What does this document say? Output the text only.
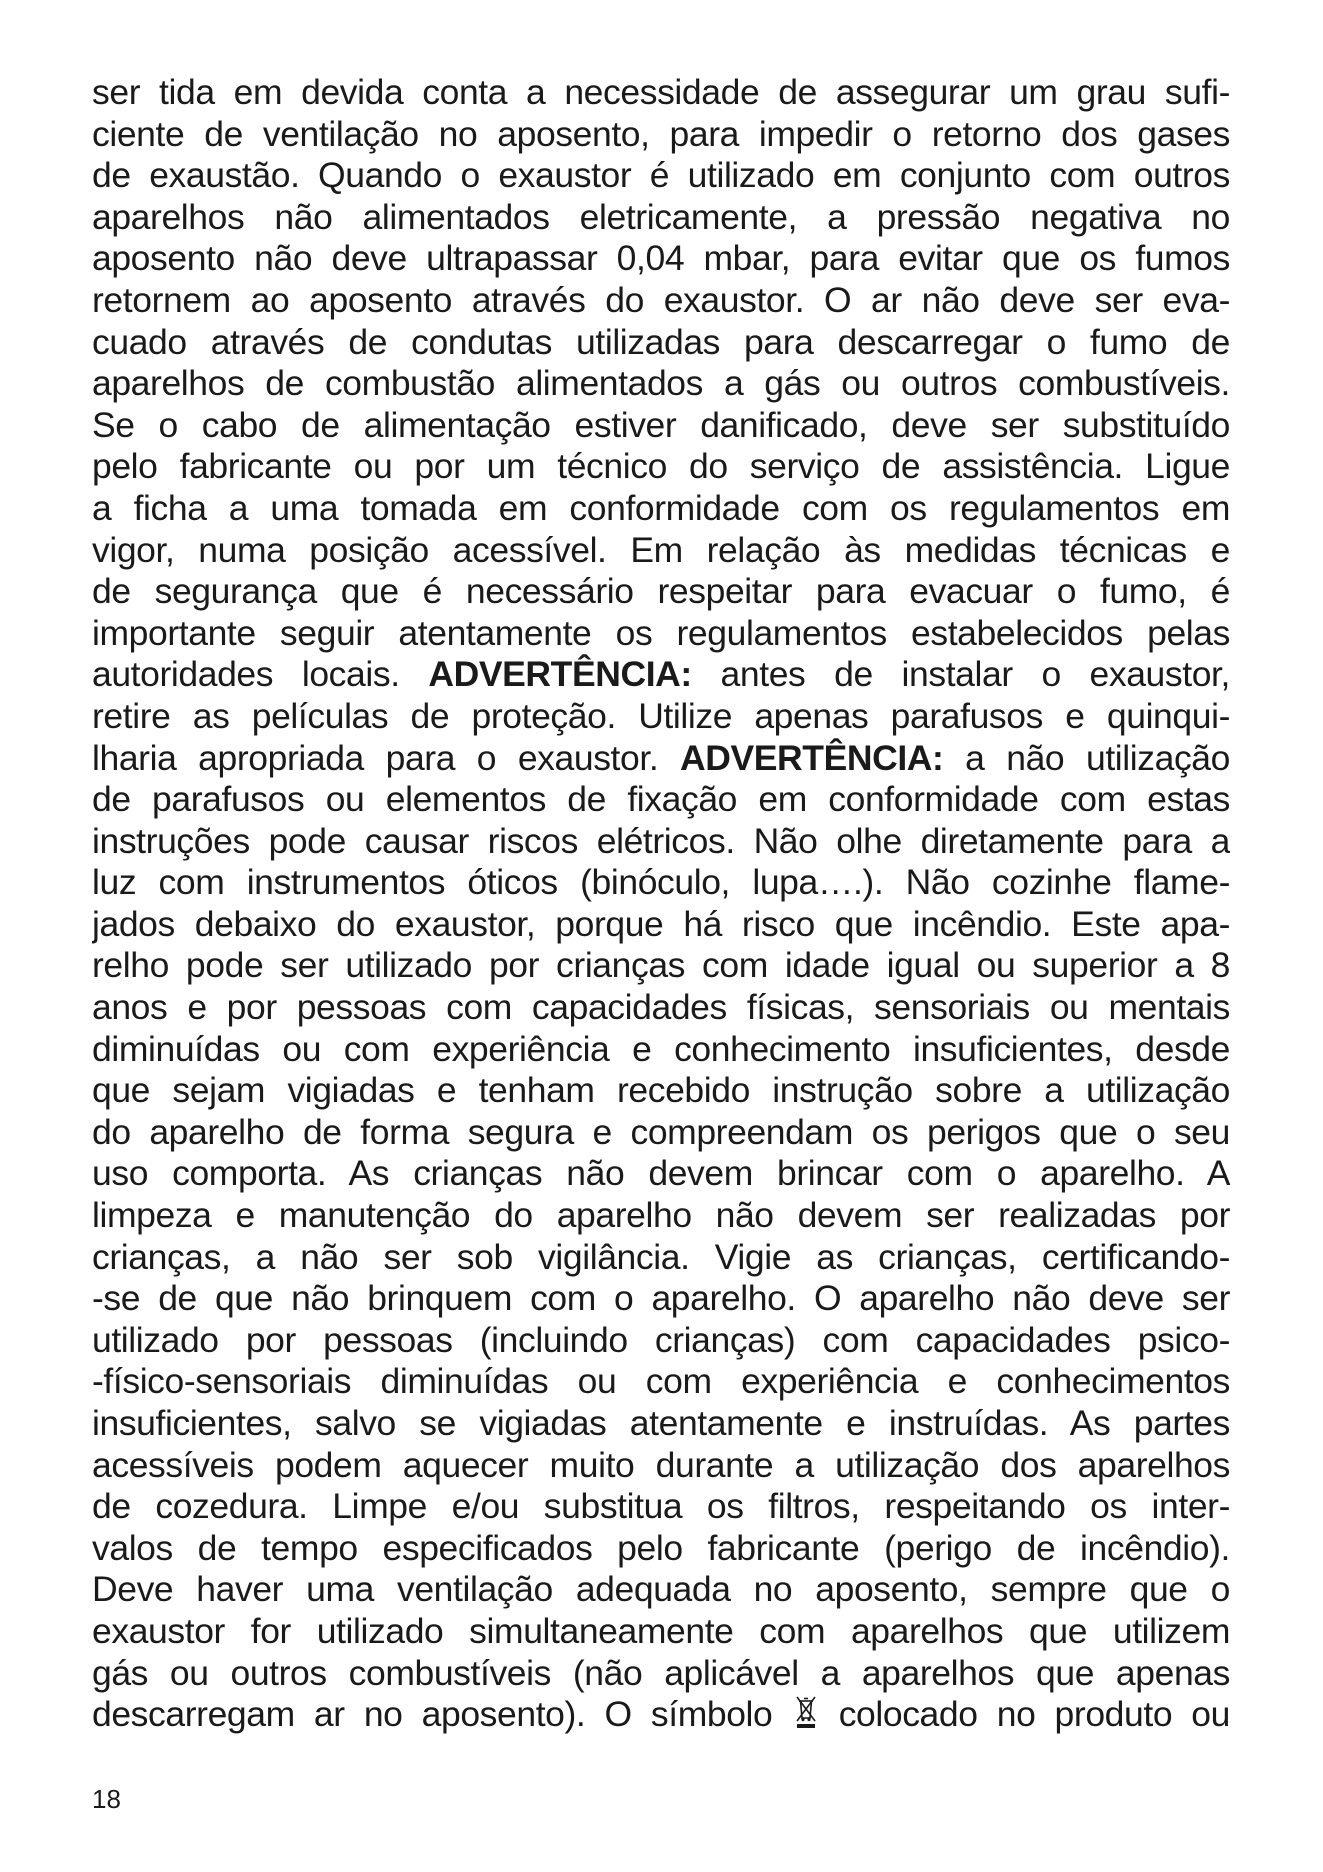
ser tida em devida conta a necessidade de assegurar um grau sufi-
ciente de ventilação no aposento, para impedir o retorno dos gases
de exaustão. Quando o exaustor é utilizado em conjunto com outros
aparelhos não alimentados eletricamente, a pressão negativa no
aposento não deve ultrapassar 0,04 mbar, para evitar que os fumos
retornem ao aposento através do exaustor. O ar não deve ser eva-
cuado através de condutas utilizadas para descarregar o fumo de
aparelhos de combustão alimentados a gás ou outros combustíveis.
Se o cabo de alimentação estiver danificado, deve ser substituído
pelo fabricante ou por um técnico do serviço de assistência. Ligue
a ficha a uma tomada em conformidade com os regulamentos em
vigor, numa posição acessível. Em relação às medidas técnicas e
de segurança que é necessário respeitar para evacuar o fumo, é
importante seguir atentamente os regulamentos estabelecidos pelas
autoridades locais. ADVERTÊNCIA: antes de instalar o exaustor,
retire as películas de proteção. Utilize apenas parafusos e quinqui-
lharia apropriada para o exaustor. ADVERTÊNCIA: a não utilização
de parafusos ou elementos de fixação em conformidade com estas
instruções pode causar riscos elétricos. Não olhe diretamente para a
luz com instrumentos óticos (binóculo, lupa….). Não cozinhe flame-
jados debaixo do exaustor, porque há risco que incêndio. Este apa-
relho pode ser utilizado por crianças com idade igual ou superior a 8
anos e por pessoas com capacidades físicas, sensoriais ou mentais
diminuídas ou com experiência e conhecimento insuficientes, desde
que sejam vigiadas e tenham recebido instrução sobre a utilização
do aparelho de forma segura e compreendam os perigos que o seu
uso comporta. As crianças não devem brincar com o aparelho. A
limpeza e manutenção do aparelho não devem ser realizadas por
crianças, a não ser sob vigilância. Vigie as crianças, certificando-
-se de que não brinquem com o aparelho. O aparelho não deve ser
utilizado por pessoas (incluindo crianças) com capacidades psico-
-físico-sensoriais diminuídas ou com experiência e conhecimentos
insuficientes, salvo se vigiadas atentamente e instruídas. As partes
acessíveis podem aquecer muito durante a utilização dos aparelhos
de cozedura. Limpe e/ou substitua os filtros, respeitando os inter-
valos de tempo especificados pelo fabricante (perigo de incêndio).
Deve haver uma ventilação adequada no aposento, sempre que o
exaustor for utilizado simultaneamente com aparelhos que utilizem
gás ou outros combustíveis (não aplicável a aparelhos que apenas
descarregam ar no aposento). O símbolo colocado no produto ou
18
